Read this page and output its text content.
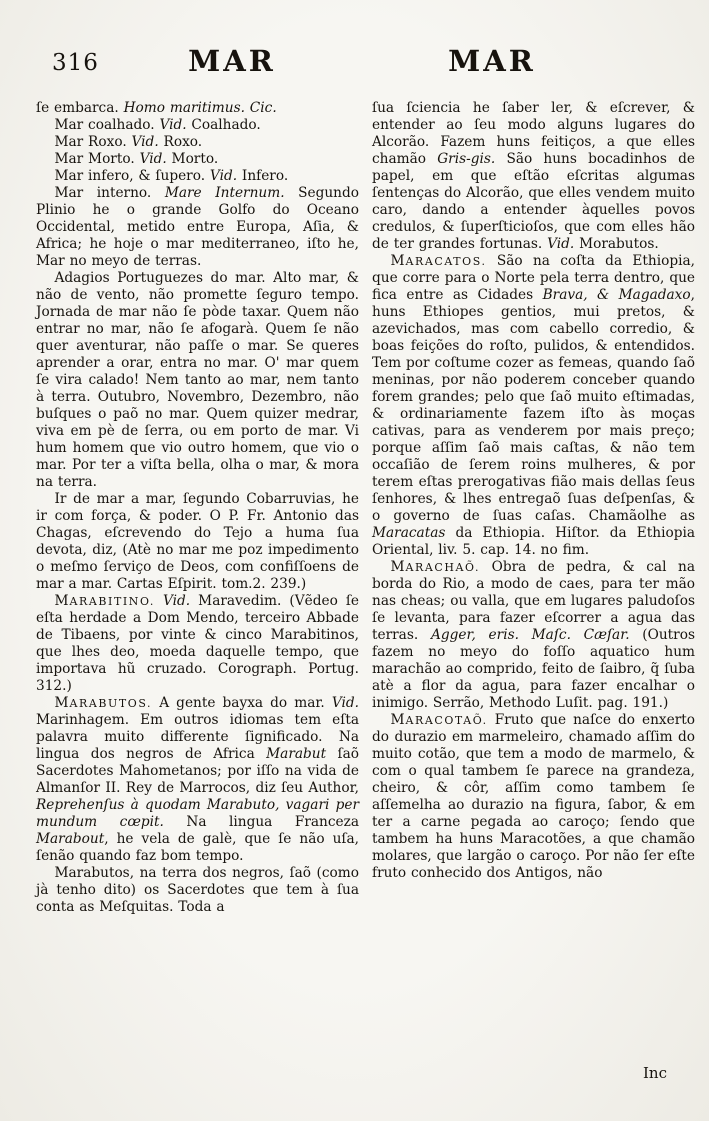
316	MAR	MAR

ſe embarca. Homo maritimus. Cic.

Mar coalhado. Vid. Coalhado.

Mar Roxo. Vid. Roxo.

Mar Morto. Vid. Morto.

Mar infero, & ſupero. Vid. Infero.

Mar interno. Mare Internum. Segundo Plinio he o grande Golfo do Oceano Occidental, metido entre Europa, Aſia, & Africa; he hoje o mar mediterraneo, iſto he, Mar no meyo de terras.

Adagios Portuguezes do mar. Alto mar, & não de vento, não promette ſeguro tempo. Jornada de mar não ſe pòde taxar. Quem não entrar no mar, não ſe afogarà. Quem ſe não quer aventurar, não paſſe o mar. Se queres aprender a orar, entra no mar. O' mar quem ſe vira calado! Nem tanto ao mar, nem tanto à terra. Outubro, Novembro, Dezembro, não buſques o paõ no mar. Quem quizer medrar, viva em pè de ſerra, ou em porto de mar. Vi hum homem que vio outro homem, que vio o mar. Por ter a viſta bella, olha o mar, & mora na terra.

Ir de mar a mar, ſegundo Cobarruvias, he ir com força, & poder. O P. Fr. Antonio das Chagas, eſcrevendo do Tejo a huma ſua devota, diz, (Atè no mar me poz impedimento o meſmo ſerviço de Deos, com confiſſoens de mar a mar. Cartas Eſpirit. tom.2. 239.)

MARABITINO. Vid. Maravedim. (Vẽdeo ſe eſta herdade a Dom Mendo, terceiro Abbade de Tibaens, por vinte & cinco Marabitinos, que lhes deo, moeda daquelle tempo, que importava hũ cruzado. Corograph. Portug. 312.)

MARABUTOS. A gente bayxa do mar. Vid. Marinhagem. Em outros idiomas tem eſta palavra muito differente ſignificado. Na lingua dos negros de Africa Marabut ſaõ Sacerdotes Mahometanos; por iſſo na vida de Almanſor II. Rey de Marrocos, diz ſeu Author, Reprehenſus à quodam Marabuto, vagari per mundum cœpit. Na lingua Franceza Marabout, he vela de galè, que ſe não uſa, ſenão quando faz bom tempo.

Marabutos, na terra dos negros, ſaõ (como jà tenho dito) os Sacerdotes que tem à ſua conta as Meſquitas. Toda a

ſua ſciencia he ſaber ler, & eſcrever, & entender ao ſeu modo alguns lugares do Alcorão. Fazem huns feitiços, a que elles chamão Gris-gis. São huns bocadinhos de papel, em que eſtão eſcritas algumas ſentenças do Alcorão, que elles vendem muito caro, dando a entender àquelles povos credulos, & ſuperſticioſos, que com elles hão de ter grandes fortunas. Vid. Morabutos.

MARACATOS. São na coſta da Ethiopia, que corre para o Norte pela terra dentro, que fica entre as Cidades Brava, & Magadaxo, huns Ethiopes gentios, mui pretos, & azevichados, mas com cabello corredio, & boas feições do roſto, pulidos, & entendidos. Tem por coſtume cozer as femeas, quando ſaõ meninas, por não poderem conceber quando forem grandes; pelo que ſaõ muito eſtimadas, & ordinariamente fazem iſto às moças cativas, para as venderem por mais preço; porque aſſim ſaõ mais caſtas, & não tem occaſião de ſerem roins mulheres, & por terem eſtas prerogativas fião mais dellas ſeus ſenhores, & lhes entregaõ ſuas deſpenſas, & o governo de ſuas caſas. Chamãolhe as Maracatas da Ethiopia. Hiſtor. da Ethiopia Oriental, liv. 5. cap. 14. no fim.

MARACHAÕ. Obra de pedra, & cal na borda do Rio, a modo de caes, para ter mão nas cheas; ou valla, que em lugares paludoſos ſe levanta, para fazer eſcorrer a agua das terras. Agger, eris. Maſc. Cæſar. (Outros fazem no meyo do foſſo aquatico hum marachão ao comprido, feito de ſaibro, q̃ ſuba atè a flor da agua, para fazer encalhar o inimigo. Serrão, Methodo Luſit. pag. 191.)

MARACOTAÕ. Fruto que naſce do enxerto do durazio em marmeleiro, chamado aſſim do muito cotão, que tem a modo de marmelo, & com o qual tambem ſe parece na grandeza, cheiro, & côr, aſſim como tambem ſe aſſemelha ao durazio na figura, ſabor, & em ter a carne pegada ao caroço; ſendo que tambem ha huns Maracotões, a que chamão molares, que largão o caroço. Por não ſer eſte fruto conhecido dos Antigos, não

Inc
